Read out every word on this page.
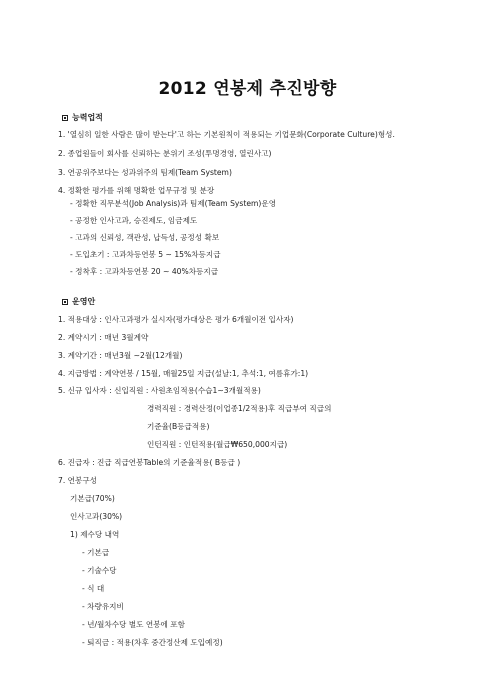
2012 연봉제 추진방향
능력업적
1. '열심히 일한 사람은 많이 받는다'고 하는 기본원칙이 적용되는 기업문화(Corporate Culture)형성.
2. 종업원들이 회사를 신뢰하는 분위기 조성(투명경영, 열린사고)
3. 연공위주보다는 성과위주의 팀제(Team System)
4. 정확한 평가를 위해 명확한 업무규정 및 분장
- 정확한 직무분석(Job Analysis)과 팀제(Team System)운영
- 공정한 인사고과, 승진제도, 임금제도
- 고과의 신뢰성, 객관성, 납득성, 공정성 확보
- 도입초기 : 고과차등연봉 5 ~ 15%차등지급
- 정착후 : 고과차등연봉 20 ~ 40%차등지급
운영안
1. 적용대상 : 인사고과평가 실시자(평가대상은 평가 6개월이전 입사자)
2. 계약시기 : 매년 3월계약
3. 계약기간 : 매년3월 ~2월(12개월)
4. 지급방법 : 계약연봉 / 15월, 매월25일 지급(설날:1, 추석:1, 여름휴가:1)
5. 신규 입사자 : 신입직원 : 사원초임적용(수습1~3개월적용)
경력직원 : 경력산정(이업종1/2적용)후 직급부여 직급의
기준율(B등급적용)
인턴직원 : 인턴적용(월급₩650,000지급)
6. 진급자 : 진급 직급연봉Table의 기준율적용( B등급 )
7. 연봉구성
기본급(70%)
인사고과(30%)
1) 제수당 내역
- 기본급
- 기술수당
- 식 대
- 차량유지비
- 년/월차수당 별도 연봉에 포함
- 퇴직금 : 적용(차후 중간정산제 도입예정)
